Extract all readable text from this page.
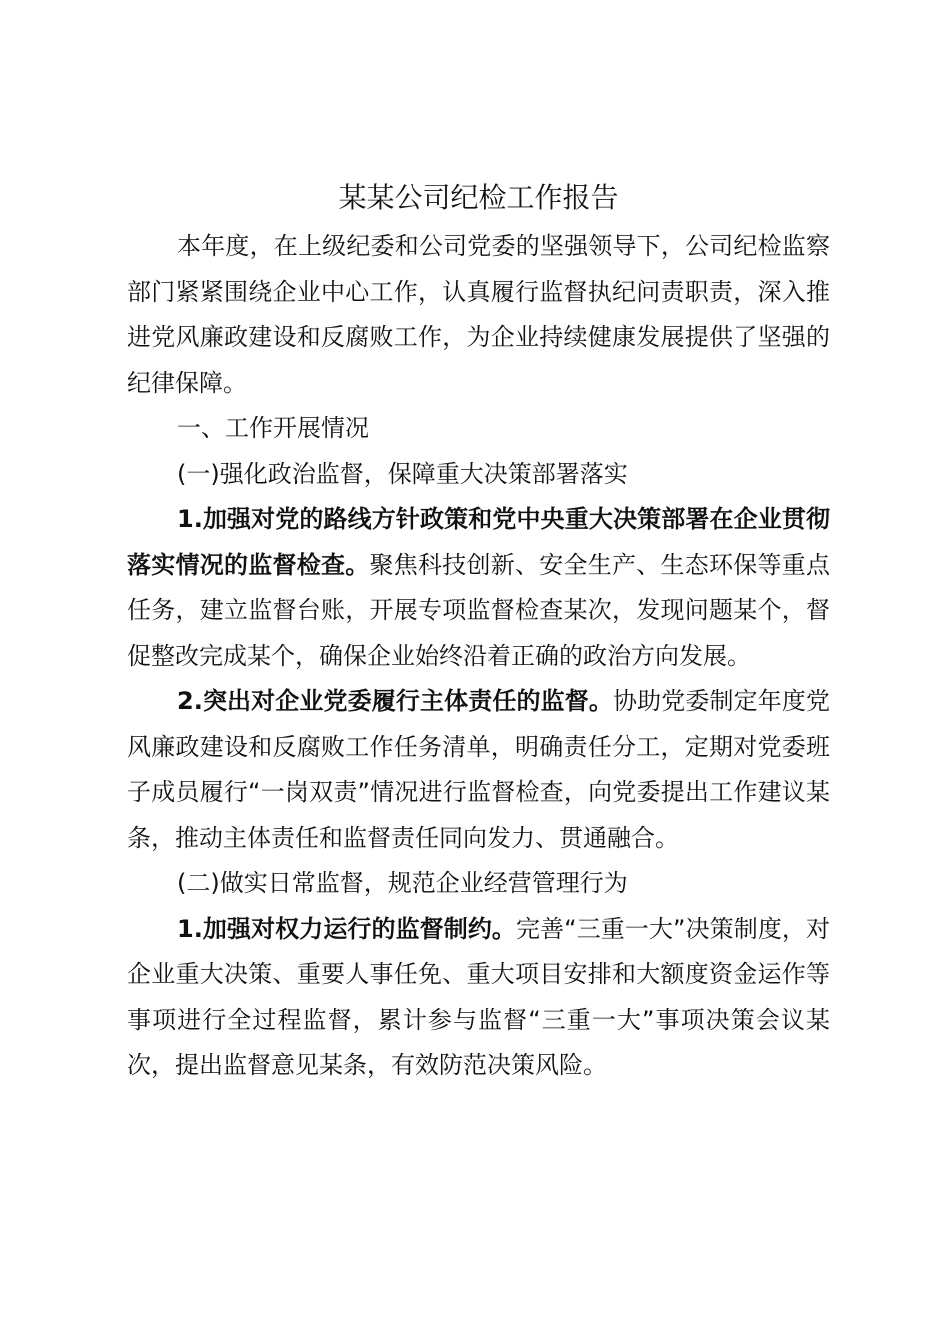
某某公司纪检工作报告

本年度，在上级纪委和公司党委的坚强领导下，公司纪检监察部门紧紧围绕企业中心工作，认真履行监督执纪问责职责，深入推进党风廉政建设和反腐败工作，为企业持续健康发展提供了坚强的纪律保障。

一、工作开展情况

(一)强化政治监督，保障重大决策部署落实

1.加强对党的路线方针政策和党中央重大决策部署在企业贯彻落实情况的监督检查。聚焦科技创新、安全生产、生态环保等重点任务，建立监督台账，开展专项监督检查某次，发现问题某个，督促整改完成某个，确保企业始终沿着正确的政治方向发展。

2.突出对企业党委履行主体责任的监督。协助党委制定年度党风廉政建设和反腐败工作任务清单，明确责任分工，定期对党委班子成员履行“一岗双责”情况进行监督检查，向党委提出工作建议某条，推动主体责任和监督责任同向发力、贯通融合。

(二)做实日常监督，规范企业经营管理行为

1.加强对权力运行的监督制约。完善“三重一大”决策制度，对企业重大决策、重要人事任免、重大项目安排和大额度资金运作等事项进行全过程监督，累计参与监督“三重一大”事项决策会议某次，提出监督意见某条，有效防范决策风险。
